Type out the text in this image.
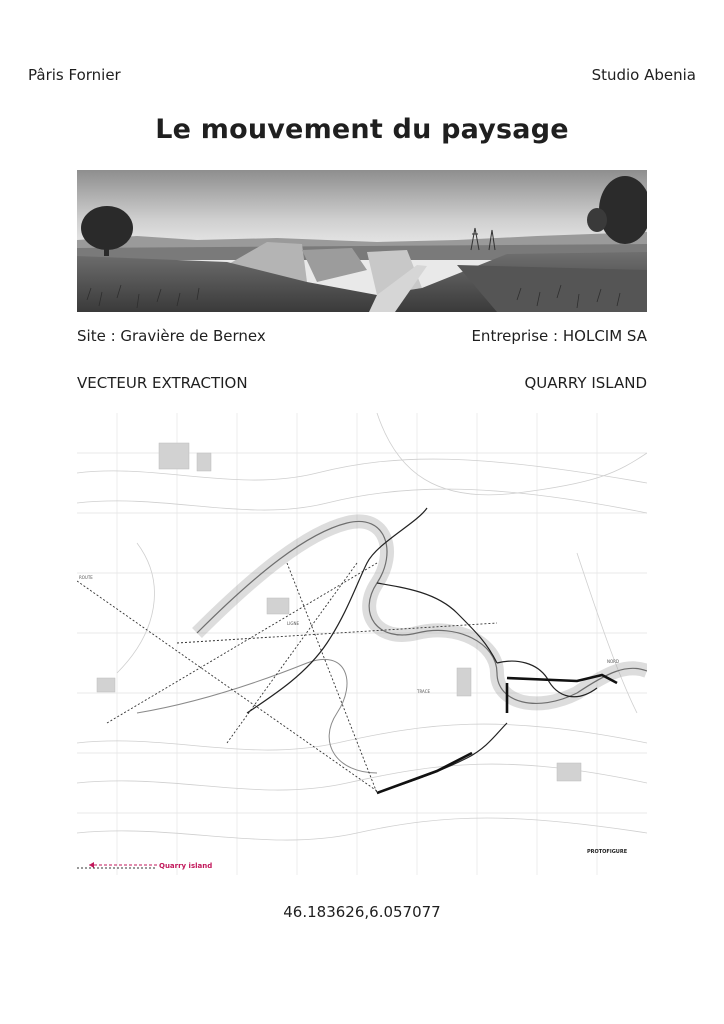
Pâris Fornier	Studio Abenia
Le mouvement du paysage
Site : Gravière de Bernex	Entreprise : HOLCIM SA
VECTEUR EXTRACTION	QUARRY ISLAND
ROUTE
LIGNE
TRACE
NORD
Quarry island
PROTOFIGURE
46.183626,6.057077
